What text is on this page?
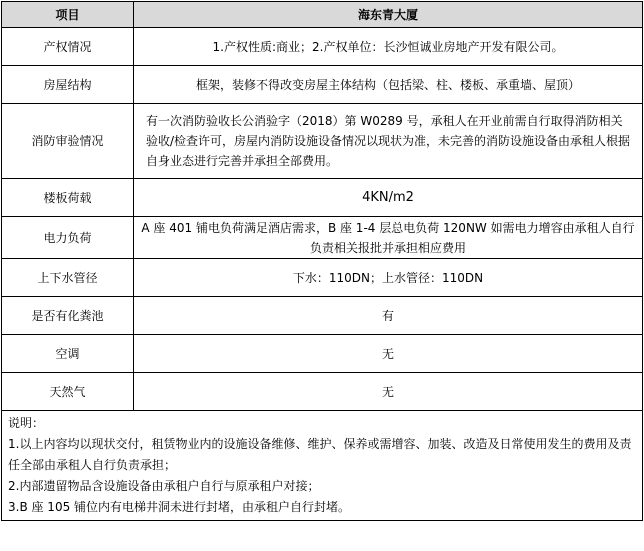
项目	海东青大厦
产权情况	1.产权性质:商业；2.产权单位：长沙恒诚业房地产开发有限公司。
房屋结构	框架，装修不得改变房屋主体结构（包括梁、柱、楼板、承重墙、屋顶）
消防审验情况	有一次消防验收长公消验字（2018）第 W0289 号，承租人在开业前需自行取得消防相关验收/检查许可，房屋内消防设施设备情况以现状为准，未完善的消防设施设备由承租人根据自身业态进行完善并承担全部费用。
楼板荷载	4KN/m2
电力负荷	A 座 401 铺电负荷满足酒店需求，B 座 1-4 层总电负荷 120NW 如需电力增容由承租人自行负责相关报批并承担相应费用
上下水管径	下水：110DN；上水管径：110DN
是否有化粪池	有
空调	无
天然气	无

说明：
1.以上内容均以现状交付，租赁物业内的设施设备维修、维护、保养或需增容、加装、改造及日常使用发生的费用及责任全部由承租人自行负责承担；
2.内部遗留物品含设施设备由承租户自行与原承租户对接；
3.B 座 105 铺位内有电梯井洞未进行封堵，由承租户自行封堵。	
